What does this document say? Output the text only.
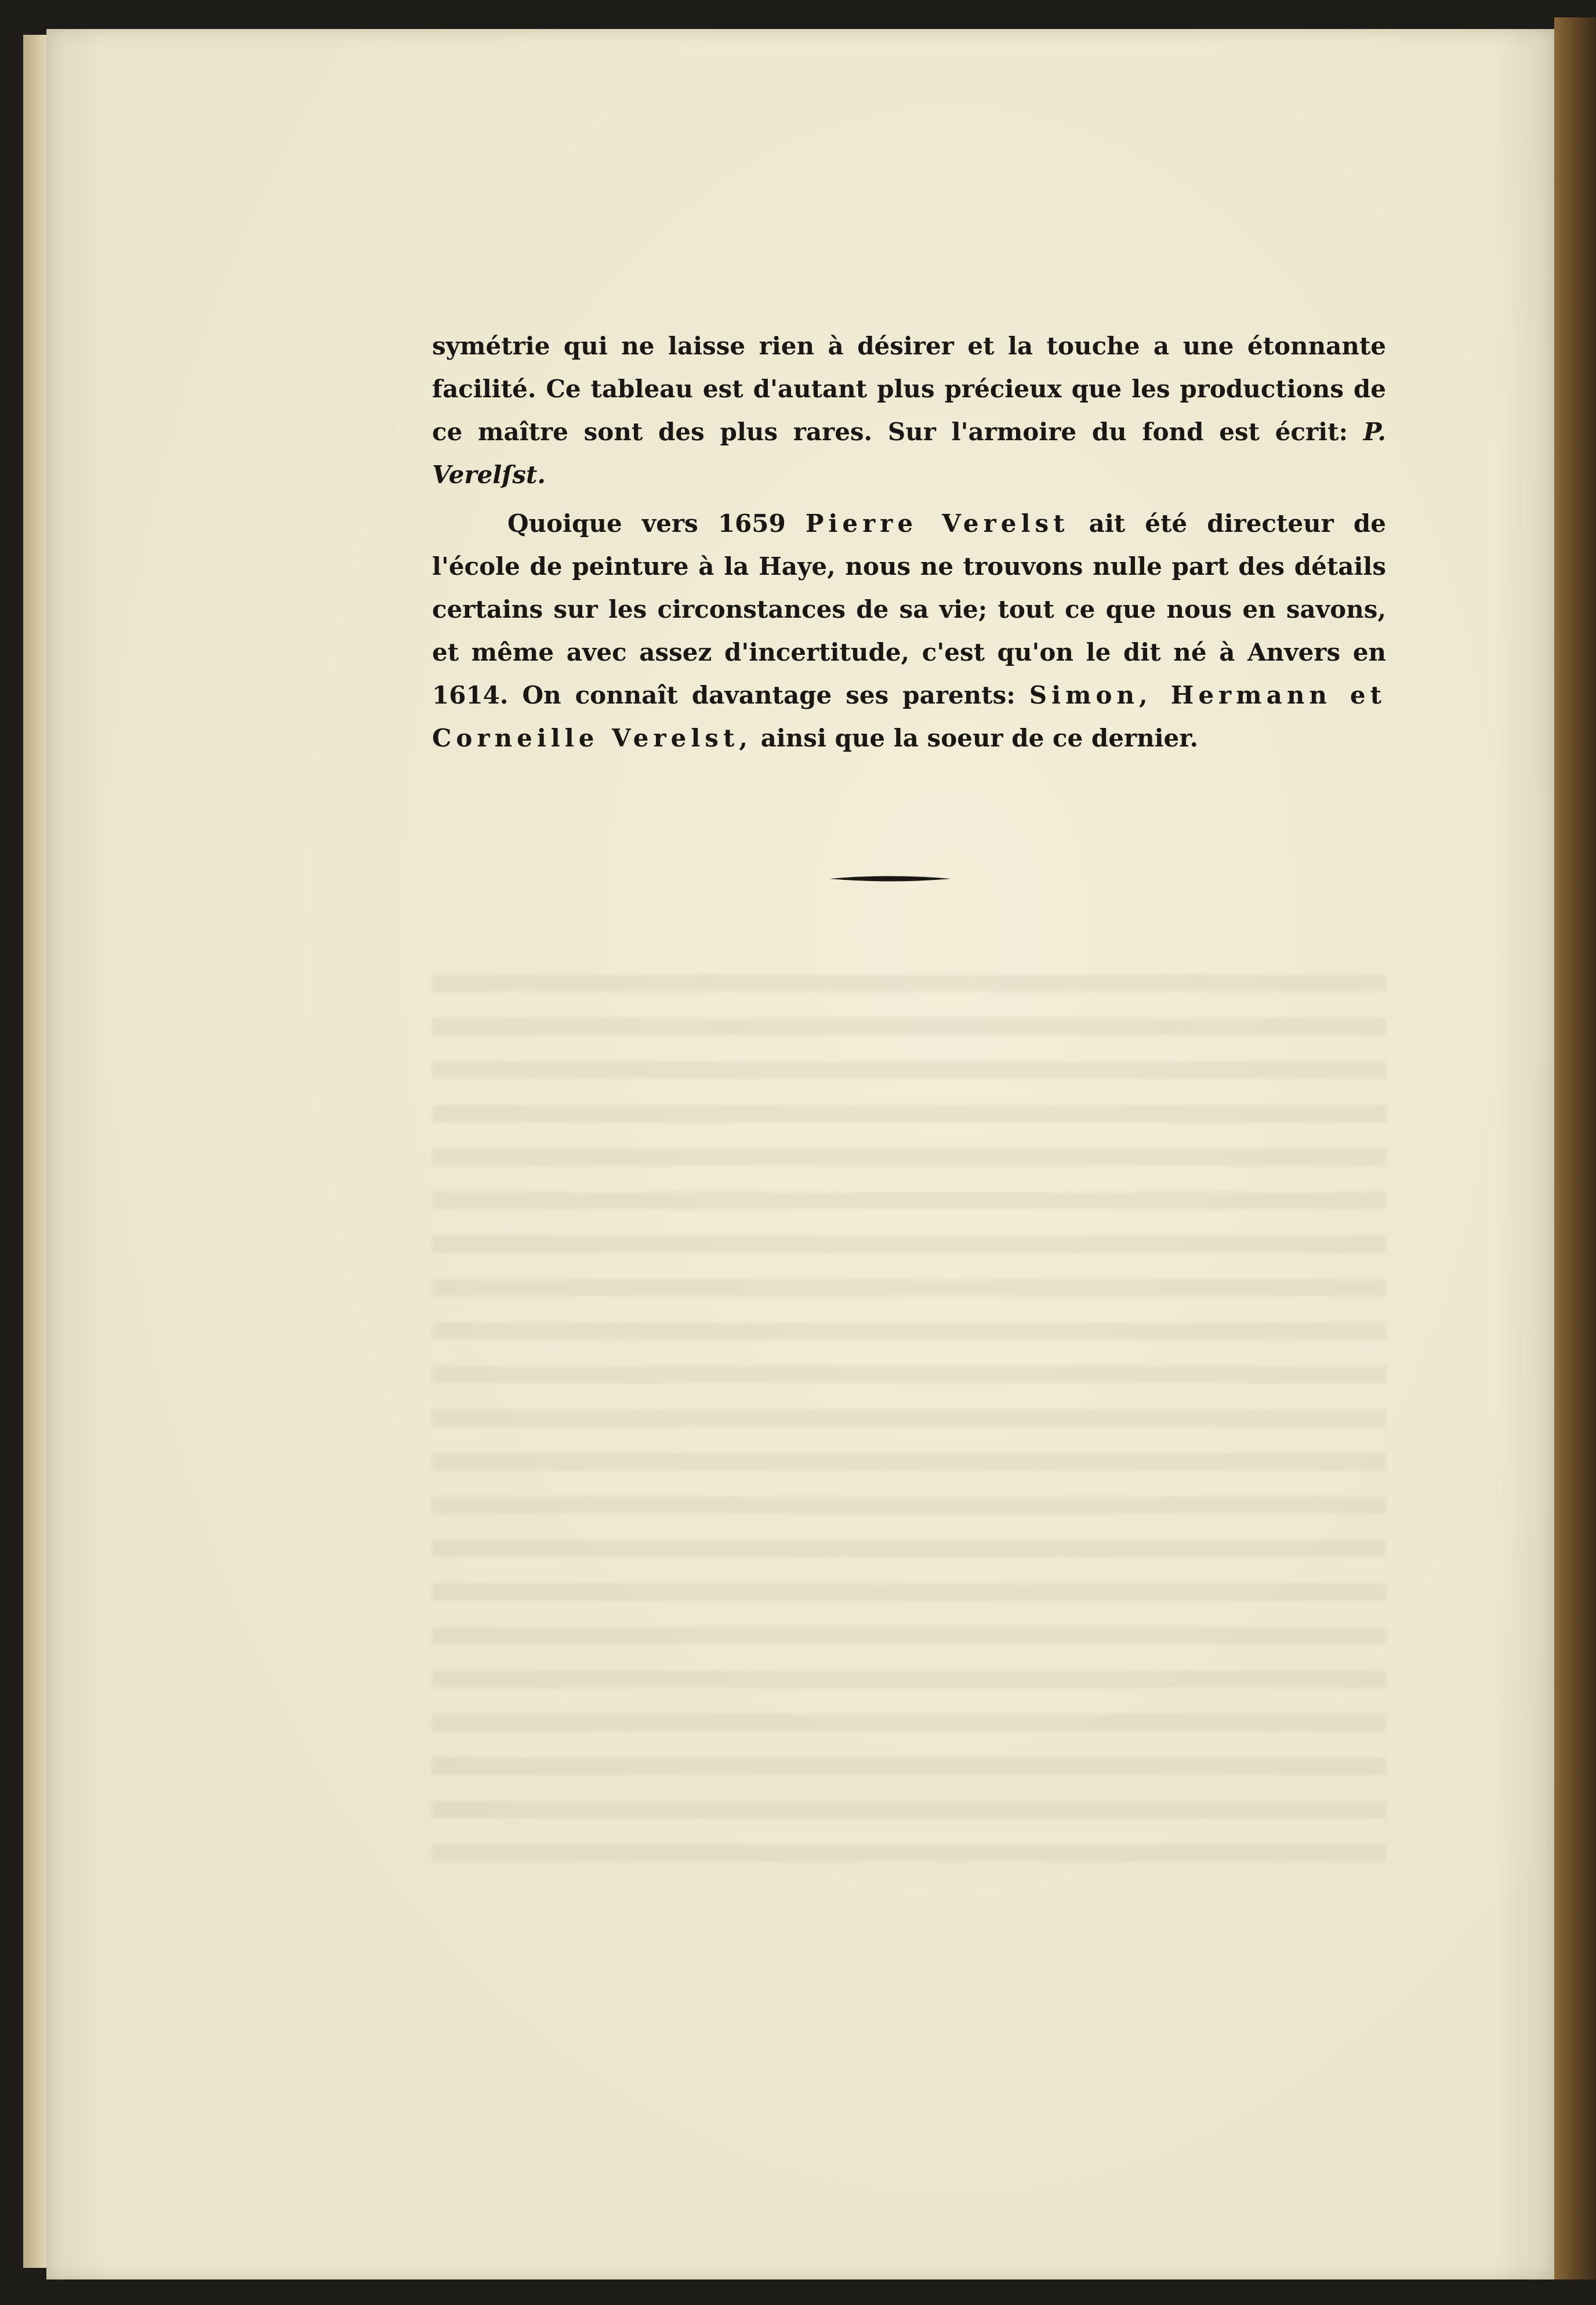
symétrie qui ne laisse rien à désirer et la touche a une étonnante facilité. Ce tableau est d'autant plus précieux que les productions de ce maître sont des plus rares. Sur l'armoire du fond est écrit: P. Verelſst.

Quoique vers 1659 Pierre Verelst ait été directeur de l'école de peinture à la Haye, nous ne trouvons nulle part des détails certains sur les circonstances de sa vie; tout ce que nous en savons, et même avec assez d'incertitude, c'est qu'on le dit né à Anvers en 1614. On connaît davantage ses parents: Simon, Hermann et Corneille Verelst, ainsi que la soeur de ce dernier.
